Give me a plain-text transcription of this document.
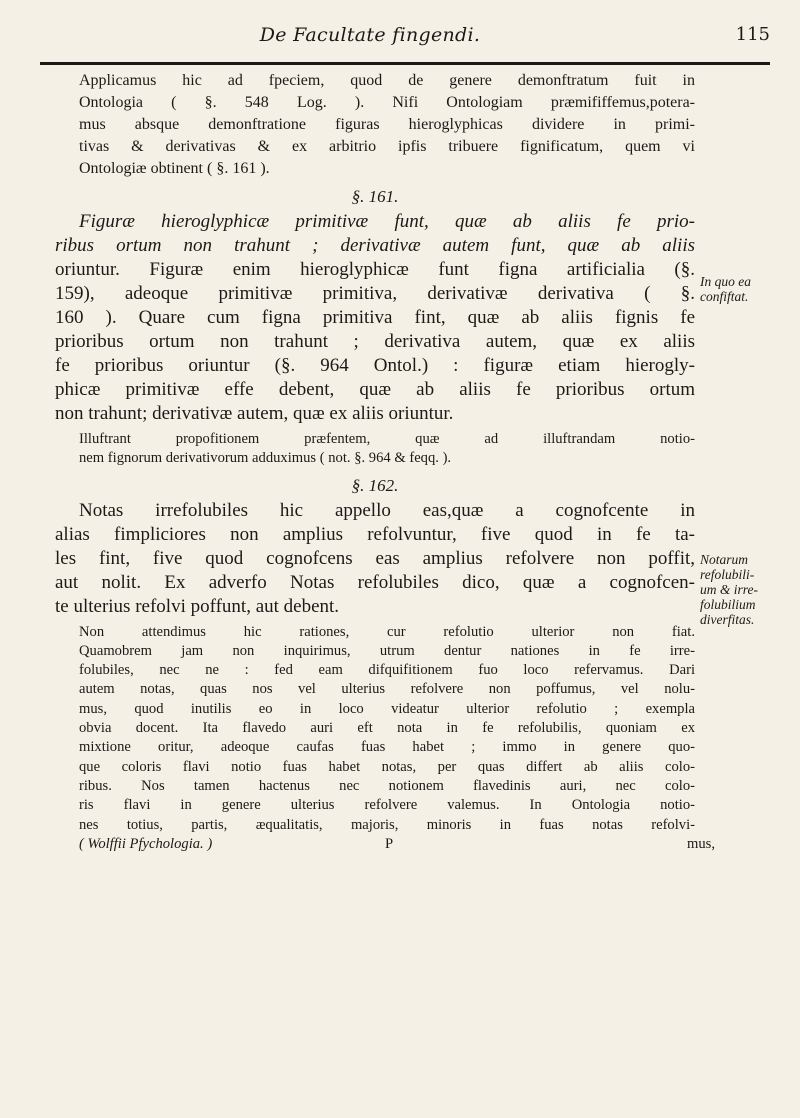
De Facultate fingendi.	115
Applicamus hic ad fpeciem, quod de genere demonftratum fuit in
Ontologia ( §. 548 Log. ). Nifi Ontologiam præmififfemus,potera-
mus absque demonftratione figuras hieroglyphicas dividere in primi-
tivas & derivativas & ex arbitrio ipfis tribuere fignificatum, quem vi
Ontologiæ obtinent ( §. 161 ).
§. 161.
Figuræ hieroglyphicæ primitivæ funt, quæ ab aliis fe prio-
ribus ortum non trahunt ; derivativæ autem funt, quæ ab aliis
oriuntur. Figuræ enim hieroglyphicæ funt figna artificialia (§.
159), adeoque primitivæ primitiva, derivativæ derivativa ( §.
160 ). Quare cum figna primitiva fint, quæ ab aliis fignis fe
prioribus ortum non trahunt ; derivativa autem, quæ ex aliis
fe prioribus oriuntur (§. 964 Ontol.) : figuræ etiam hierogly-
phicæ primitivæ effe debent, quæ ab aliis fe prioribus ortum
non trahunt; derivativæ autem, quæ ex aliis oriuntur.
Illuftrant propofitionem præfentem, quæ ad illuftrandam notio-
nem fignorum derivativorum adduximus ( not. §. 964 & feqq. ).
§. 162.
Notas irrefolubiles hic appello eas,quæ a cognofcente in
alias fimpliciores non amplius refolvuntur, five quod in fe ta-
les fint, five quod cognofcens eas amplius refolvere non poffit,
aut nolit. Ex adverfo Notas refolubiles dico, quæ a cognofcen-
te ulterius refolvi poffunt, aut debent.
Non attendimus hic rationes, cur refolutio ulterior non fiat.
Quamobrem jam non inquirimus, utrum dentur nationes in fe irre-
folubiles, nec ne : fed eam difquifitionem fuo loco refervamus. Dari
autem notas, quas nos vel ulterius refolvere non poffumus, vel nolu-
mus, quod inutilis eo in loco videatur ulterior refolutio ; exempla
obvia docent. Ita flavedo auri eft nota in fe refolubilis, quoniam ex
mixtione oritur, adeoque caufas fuas habet ; immo in genere quo-
que coloris flavi notio fuas habet notas, per quas differt ab aliis colo-
ribus. Nos tamen hactenus nec notionem flavedinis auri, nec colo-
ris flavi in genere ulterius refolvere valemus. In Ontologia notio-
nes totius, partis, æqualitatis, majoris, minoris in fuas notas refolvi-
( Wolffii Pfychologia. )	P	mus,
In quo ea
confiftat.
Notarum
refolubili-
um & irre-
folubilium
diverfitas.
